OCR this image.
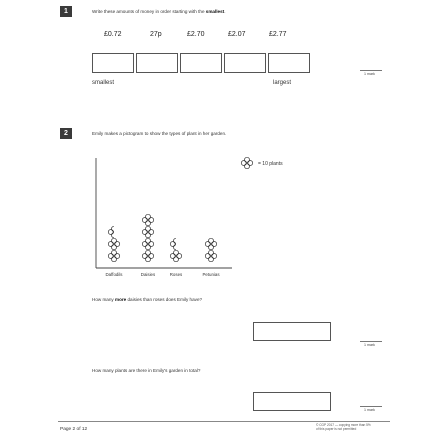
1	Write these amounts of money in order starting with the smallest.
£0.72	27p	£2.70	£2.07	£2.77
smallest	largest
1 mark
2	Emily makes a pictogram to show the types of plant in her garden.
Daffodils	Daisies	Roses	Petunias
= 10 plants
How many more daisies than roses does Emily have?
1 mark
How many plants are there in Emily's garden in total?
1 mark
Page 2 of 12
© CGP 2017 — copying more than 5% of this paper is not permitted
